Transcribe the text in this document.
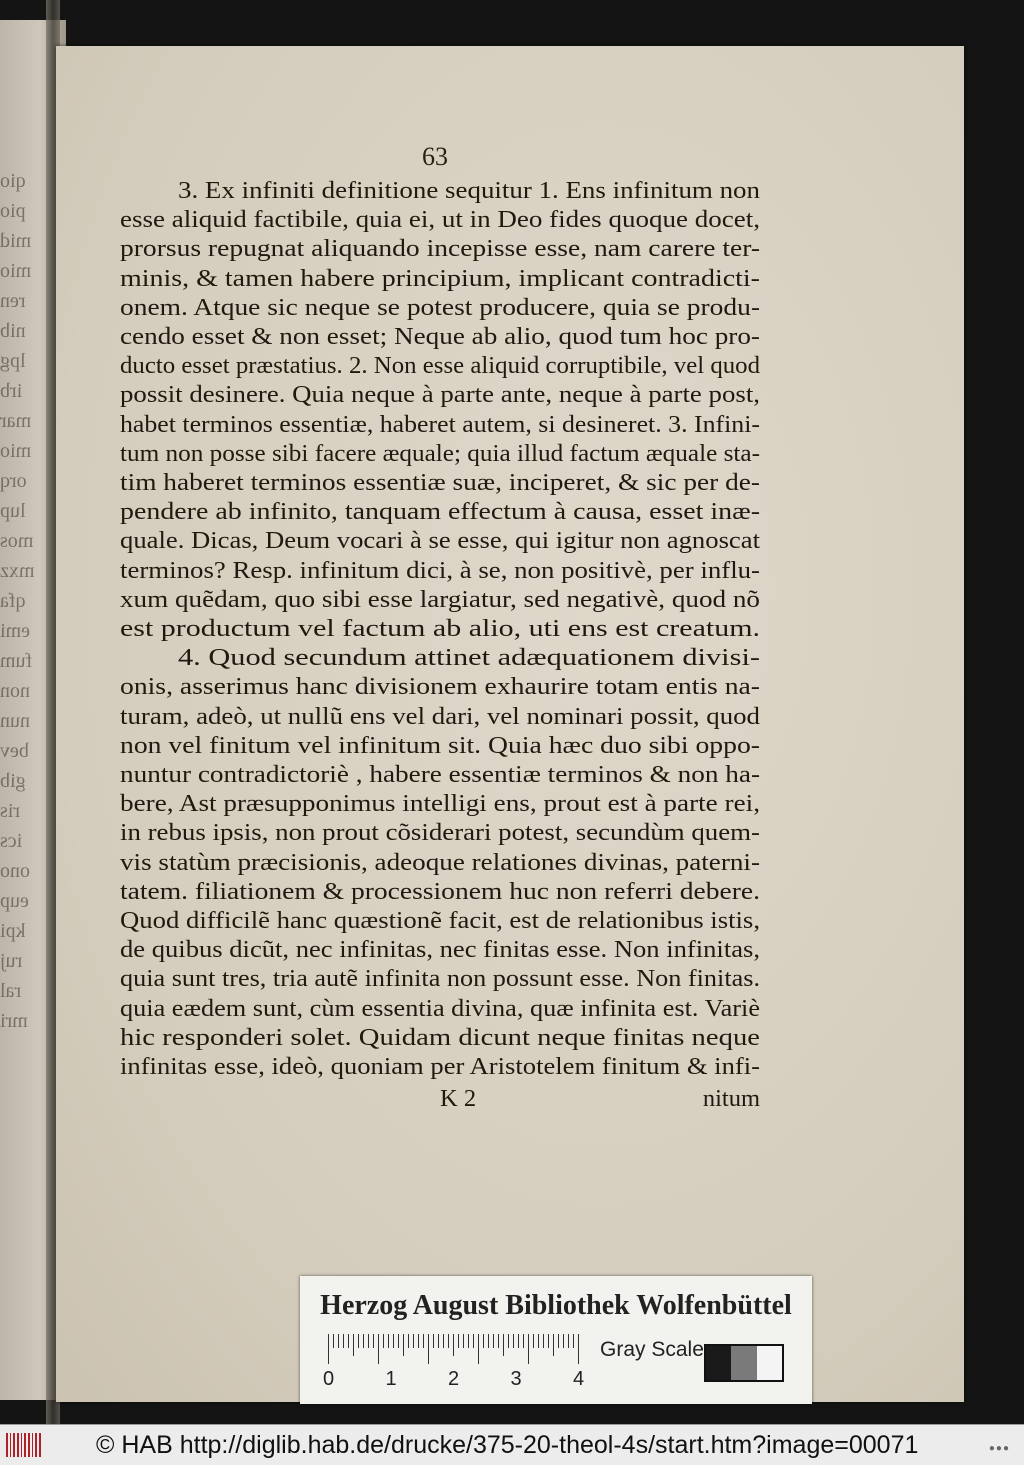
qio
pio
mid
mio
ren
nib
lpg
irb
mar
mio
orq
lup
mos
mxz
qfa
emi
fum
non
nun
bev
gib
ris
ics
ono
eup
kpi
ruj
ral
mri
63
3. Ex infiniti definitione sequitur 1. Ens infinitum non
esse aliquid factibile, quia ei, ut in Deo fides quoque docet,
prorsus repugnat aliquando incepisse esse, nam carere ter-
minis, & tamen habere principium, implicant contradicti-
onem. Atque sic neque se potest producere, quia se produ-
cendo esset & non esset; Neque ab alio, quod tum hoc pro-
ducto esset præstatius. 2. Non esse aliquid corruptibile, vel quod
possit desinere. Quia neque à parte ante, neque à parte post,
habet terminos essentiæ, haberet autem, si desineret. 3. Infini-
tum non posse sibi facere æquale; quia illud factum æquale sta-
tim haberet terminos essentiæ suæ, inciperet, & sic per de-
pendere ab infinito, tanquam effectum à causa, esset inæ-
quale. Dicas, Deum vocari à se esse, qui igitur non agnoscat
terminos? Resp. infinitum dici, à se, non positivè, per influ-
xum quẽdam, quo sibi esse largiatur, sed negativè, quod nõ
est productum vel factum ab alio, uti ens est creatum.
4. Quod secundum attinet adæquationem divisi-
onis, asserimus hanc divisionem exhaurire totam entis na-
turam, adeò, ut nullũ ens vel dari, vel nominari possit, quod
non vel finitum vel infinitum sit. Quia hæc duo sibi oppo-
nuntur contradictoriè , habere essentiæ terminos & non ha-
bere, Ast præsupponimus intelligi ens, prout est à parte rei,
in rebus ipsis, non prout cõsiderari potest, secundùm quem-
vis statùm præcisionis, adeoque relationes divinas, paterni-
tatem. filiationem & processionem huc non referri debere.
Quod difficilẽ hanc quæstionẽ facit, est de relationibus istis,
de quibus dicũt, nec infinitas, nec finitas esse. Non infinitas,
quia sunt tres, tria autẽ infinita non possunt esse. Non finitas.
quia eædem sunt, cùm essentia divina, quæ infinita est. Variè
hic responderi solet. Quidam dicunt neque finitas neque
infinitas esse, ideò, quoniam per Aristotelem finitum & infi-
K 2	nitum
Herzog August Bibliothek Wolfenbüttel
0	1	2	3	4
Gray Scale
© HAB http://diglib.hab.de/drucke/375-20-theol-4s/start.htm?image=00071	●●●
